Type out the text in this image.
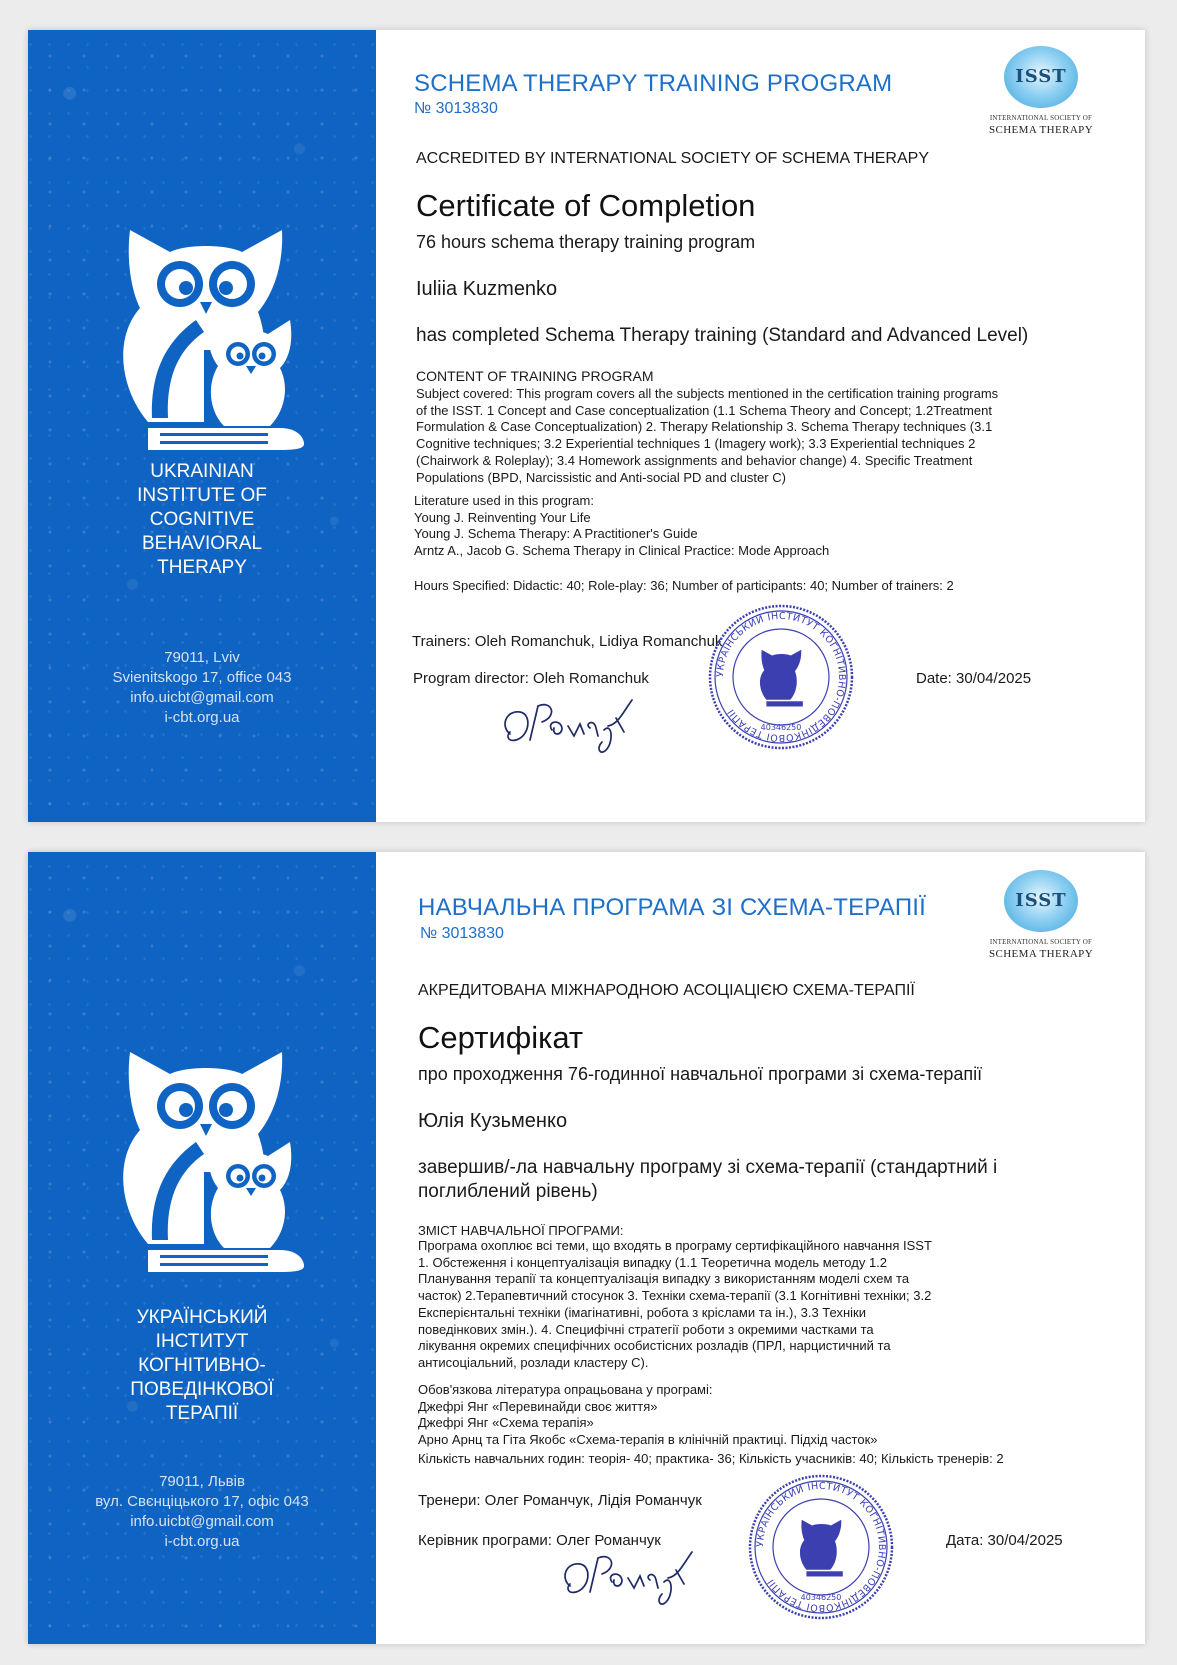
UKRAINIAN
INSTITUTE OF
COGNITIVE
BEHAVIORAL
THERAPY
79011, Lviv
Svienitskogo 17, office 043
info.uicbt@gmail.com
i-cbt.org.ua
SCHEMA THERAPY TRAINING PROGRAM
№ 3013830
ISST
INTERNATIONAL SOCIETY OF
SCHEMA THERAPY
ACCREDITED BY INTERNATIONAL SOCIETY OF SCHEMA THERAPY
Certificate of Completion
76 hours schema therapy training program
Iuliia Kuzmenko
has completed Schema Therapy training (Standard and Advanced Level)
CONTENT OF TRAINING PROGRAM
Subject covered: This program covers all the subjects mentioned in the certification training programs
of the ISST. 1 Concept and Case conceptualization (1.1 Schema Theory and Concept; 1.2Treatment
Formulation & Case Conceptualization) 2. Therapy Relationship 3. Schema Therapy techniques (3.1
Cognitive techniques; 3.2 Experiential techniques 1 (Imagery work); 3.3 Experiential techniques 2
(Chairwork & Roleplay); 3.4 Homework assignments and behavior change) 4. Specific Treatment
Populations (BPD, Narcissistic and Anti-social PD and cluster C)
Literature used in this program:
Young J. Reinventing Your Life
Young J. Schema Therapy: A Practitioner's Guide
Arntz A., Jacob G. Schema Therapy in Clinical Practice: Mode Approach
Hours Specified: Didactic: 40; Role-play: 36; Number of participants: 40; Number of trainers: 2
Trainers: Oleh Romanchuk, Lidiya Romanchuk
Program director: Oleh Romanchuk	Date: 30/04/2025
УКРАЇНСЬКИЙ ІНСТИТУТ КОГНІТИВНО-ПОВЕДІНКОВОЇ ТЕРАПІЇ
40346250
УКРАЇНСЬКИЙ
ІНСТИТУТ
КОГНІТИВНО-
ПОВЕДІНКОВОЇ
ТЕРАПІЇ
79011, Львів
вул. Свєнціцького 17, офіс 043
info.uicbt@gmail.com
i-cbt.org.ua
НАВЧАЛЬНА ПРОГРАМА ЗІ СХЕМА-ТЕРАПІЇ
№ 3013830
ISST
INTERNATIONAL SOCIETY OF
SCHEMA THERAPY
АКРЕДИТОВАНА МІЖНАРОДНОЮ АСОЦІАЦІЄЮ СХЕМА-ТЕРАПІЇ
Сертифікат
про проходження 76-годинної навчальної програми зі схема-терапії
Юлія Кузьменко
завершив/-ла навчальну програму зі схема-терапії (стандартний і
поглиблений рівень)
ЗМІСТ НАВЧАЛЬНОЇ ПРОГРАМИ:
Програма охоплює всі теми, що входять в програму сертифікаційного навчання ISST
1. Обстеження і концептуалізація випадку (1.1 Теоретична модель методу 1.2
Планування терапії та концептуалізація випадку з використанням моделі схем та
часток) 2.Терапевтичний стосунок 3. Техніки схема-терапії (3.1 Когнітивні техніки; 3.2
Експерієнтальні техніки (імагінативні, робота з кріслами та ін.), 3.3 Техніки
поведінкових змін.). 4. Специфічні стратегії роботи з окремими частками та
лікування окремих специфічних особистісних розладів (ПРЛ, нарцистичний та
антисоціальний, розлади кластеру С).
Обов'язкова література опрацьована у програмі:
Джефрі Янг «Перевинайди своє життя»
Джефрі Янг «Схема терапія»
Арно Арнц та Гіта Якобс «Схема-терапія в клінічній практиці. Підхід часток»
Кількість навчальних годин: теорія- 40; практика- 36; Кількість учасників: 40; Кількість тренерів: 2
Тренери: Олег Романчук, Лідія Романчук
Керівник програми: Олег Романчук	Дата: 30/04/2025
УКРАЇНСЬКИЙ ІНСТИТУТ КОГНІТИВНО-ПОВЕДІНКОВОЇ ТЕРАПІЇ
40346250
